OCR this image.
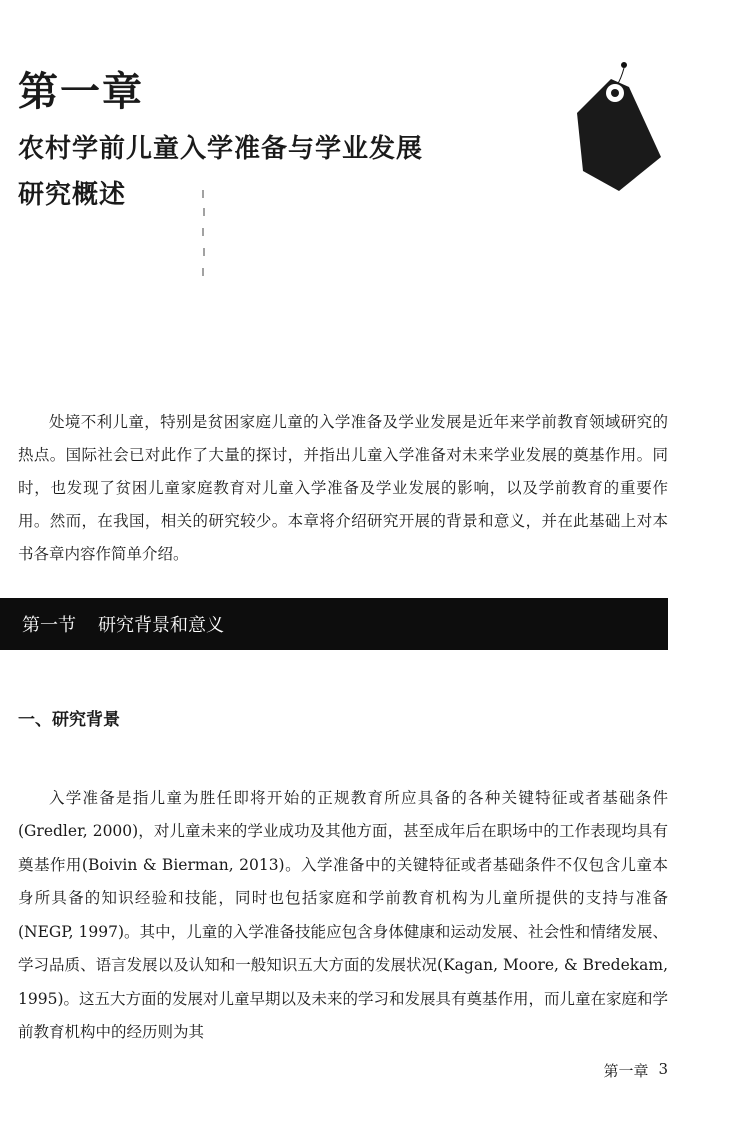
第一章
农村学前儿童入学准备与学业发展研究概述

处境不利儿童，特别是贫困家庭儿童的入学准备及学业发展是近年来学前教育领域研究的热点。国际社会已对此作了大量的探讨，并指出儿童入学准备对未来学业发展的奠基作用。同时，也发现了贫困儿童家庭教育对儿童入学准备及学业发展的影响，以及学前教育的重要作用。然而，在我国，相关的研究较少。本章将介绍研究开展的背景和意义，并在此基础上对本书各章内容作简单介绍。

第一节 研究背景和意义
一、研究背景

入学准备是指儿童为胜任即将开始的正规教育所应具备的各种关键特征或者基础条件(Gredler, 2000)，对儿童未来的学业成功及其他方面，甚至成年后在职场中的工作表现均具有奠基作用(Boivin & Bierman, 2013)。入学准备中的关键特征或者基础条件不仅包含儿童本身所具备的知识经验和技能，同时也包括家庭和学前教育机构为儿童所提供的支持与准备(NEGP, 1997)。其中，儿童的入学准备技能应包含身体健康和运动发展、社会性和情绪发展、学习品质、语言发展以及认知和一般知识五大方面的发展状况(Kagan, Moore, & Bredekam, 1995)。这五大方面的发展对儿童早期以及未来的学习和发展具有奠基作用，而儿童在家庭和学前教育机构中的经历则为其

第一章 3
